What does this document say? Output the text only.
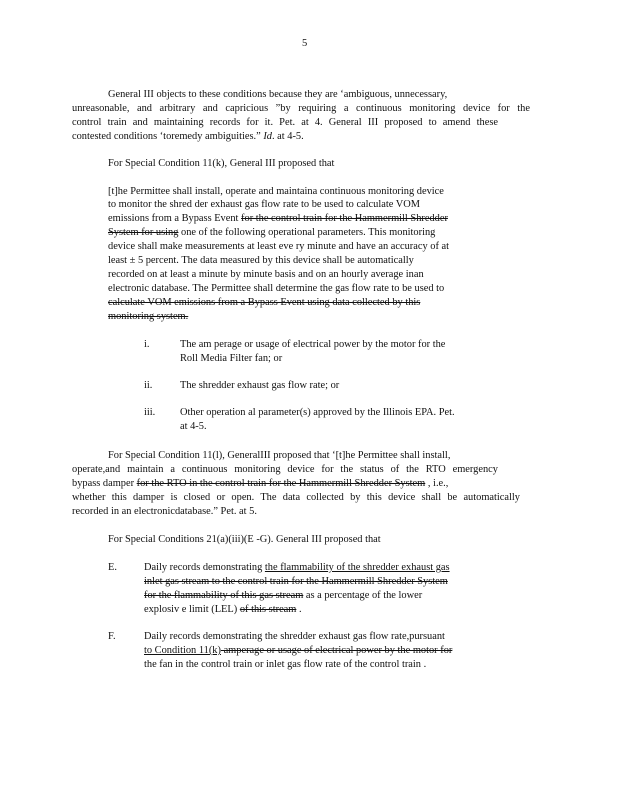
5
General III objects to these conditions because they are ‘ambiguous, unnecessary,
unreasonable, and arbitrary and capricious ”by requiring a continuous monitoring device for the
control train and maintaining records for it. Pet. at 4. General III proposed to amend these
contested conditions ‘toremedy ambiguities.” Id. at 4-5.
For Special Condition 11(k), General III proposed that
[t]he Permittee shall install, operate and maintaina continuous monitoring device
to monitor the shred der exhaust gas flow rate to be used to calculate VOM
emissions from a Bypass Event for the control train for the Hammermill Shredder
System for using one of the following operational parameters. This monitoring
device shall make measurements at least eve ry minute and have an accuracy of at
least ± 5 percent. The data measured by this device shall be automatically
recorded on at least a minute by minute basis and on an hourly average inan
electronic database. The Permittee shall determine the gas flow rate to be used to
calculate VOM emissions from a Bypass Event using data collected by this
monitoring system.
i.	The am perage or usage of electrical power by the motor for the
Roll Media Filter fan; or
ii.	The shredder exhaust gas flow rate; or
iii. Other operation al parameter(s) approved by the Illinois EPA. Pet.
at 4-5.
For Special Condition 11(l), GeneralIII proposed that ‘[t]he Permittee shall install,
operate,and maintain a continuous monitoring device for the status of the RTO emergency
bypass damper for the RTO in the control train for the Hammermill Shredder System , i.e.,
whether this damper is closed or open. The data collected by this device shall be automatically
recorded in an electronicdatabase.” Pet. at 5.
For Special Conditions 21(a)(iii)(E -G). General III proposed that
E.	Daily records demonstrating the flammability of the shredder exhaust gas
inlet gas stream to the control train for the Hammermill Shredder System
for the flammability of this gas stream as a percentage of the lower
explosiv e limit (LEL) of this stream .
F.	Daily records demonstrating the shredder exhaust gas flow rate,pursuant
to Condition 11(k) amperage or usage of electrical power by the motor for
the fan in the control train or inlet gas flow rate of the control train .
